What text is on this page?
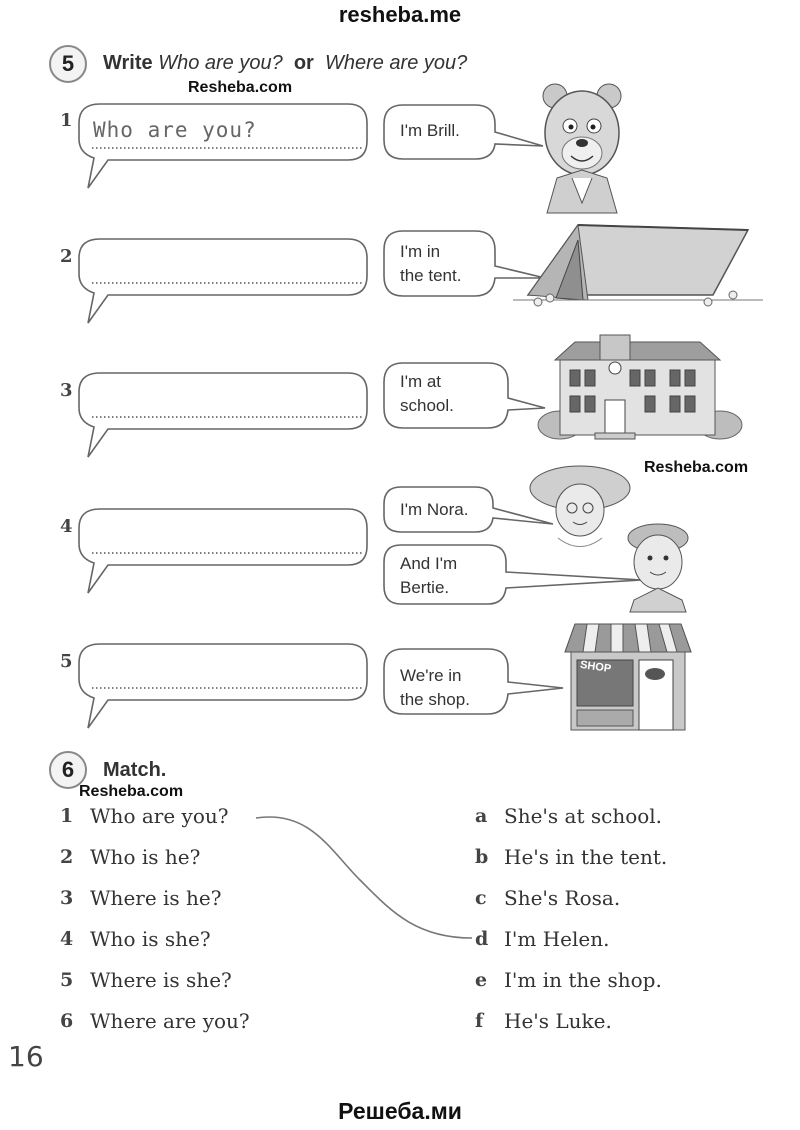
resheba.me
5	Write Who are you? or Where are you?
Resheba.com
1 Who are you?	I'm Brill.
2	I'm in
the tent.
3	I'm at
school.
Resheba.com
4
I'm Nora.
And I'm
Bertie.
5
We're in
the shop.
SHOP
6	Match.
Resheba.com
1 Who are you?
2 Who is he?
3 Where is he?
4 Who is she?
5 Where is she?
6 Where are you?
a She's at school.
b He's in the tent.
c She's Rosa.
d I'm Helen.
e I'm in the shop.
f He's Luke.
16
Решеба.ми
